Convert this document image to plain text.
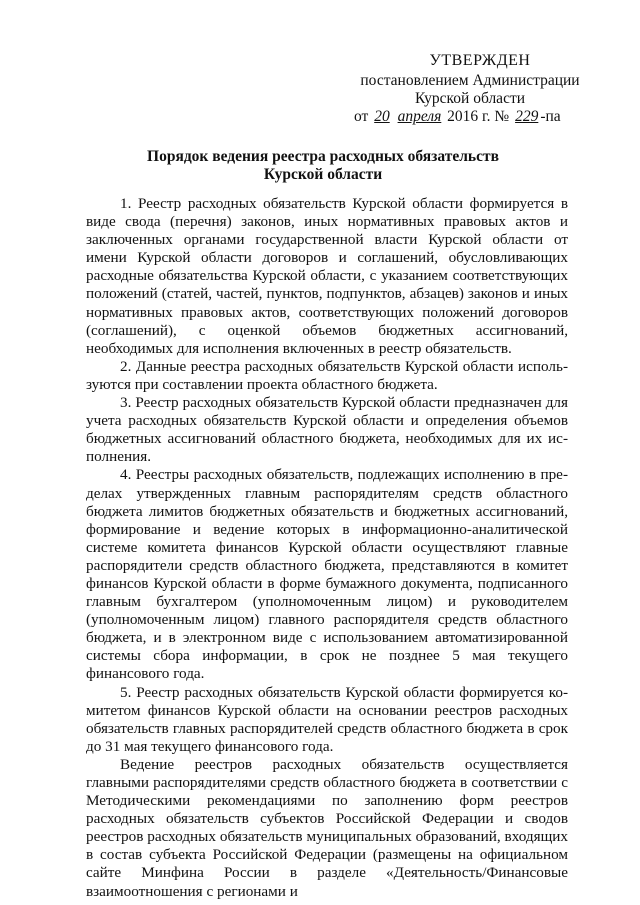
УТВЕРЖДЕН
постановлением Администрации
Курской области
от 20 апреля 2016 г. № 229 -па
Порядок ведения реестра расходных обязательств
Курской области

1. Реестр расходных обязательств Курской области формируется в виде свода (перечня) законов, иных нормативных правовых актов и заключенных органами государственной власти Курской области от имени Курской области договоров и соглашений, обусловливающих расходные обязательства Курской области, с указанием соответствующих положений (статей, частей, пунктов, подпунктов, абзацев) законов и иных нормативных правовых актов, соответствующих положений договоров (соглашений), с оценкой объемов бюджетных ассигнований, необходимых для исполнения включенных в реестр обязательств.

2. Данные реестра расходных обязательств Курской области используются при составлении проекта областного бюджета.

3. Реестр расходных обязательств Курской области предназначен для учета расходных обязательств Курской области и определения объемов бюджетных ассигнований областного бюджета, необходимых для их исполнения.

4. Реестры расходных обязательств, подлежащих исполнению в пределах утвержденных главным распорядителям средств областного бюджета лимитов бюджетных обязательств и бюджетных ассигнований, формирование и ведение которых в информационно-аналитической системе комитета финансов Курской области осуществляют главные распорядители средств областного бюджета, представляются в комитет финансов Курской области в форме бумажного документа, подписанного главным бухгалтером (уполномоченным лицом) и руководителем (уполномоченным лицом) главного распорядителя средств областного бюджета, и в электронном виде с использованием автоматизированной системы сбора информации, в срок не позднее 5 мая текущего финансового года.

5. Реестр расходных обязательств Курской области формируется комитетом финансов Курской области на основании реестров расходных обязательств главных распорядителей средств областного бюджета в срок до 31 мая текущего финансового года.

Ведение реестров расходных обязательств осуществляется главными распорядителями средств областного бюджета в соответствии с Методическими рекомендациями по заполнению форм реестров расходных обязательств субъектов Российской Федерации и сводов реестров расходных обязательств муниципальных образований, входящих в состав субъекта Российской Федерации (размещены на официальном сайте Минфина России в разделе «Деятельность/Финансовые взаимоотношения с регионами и
